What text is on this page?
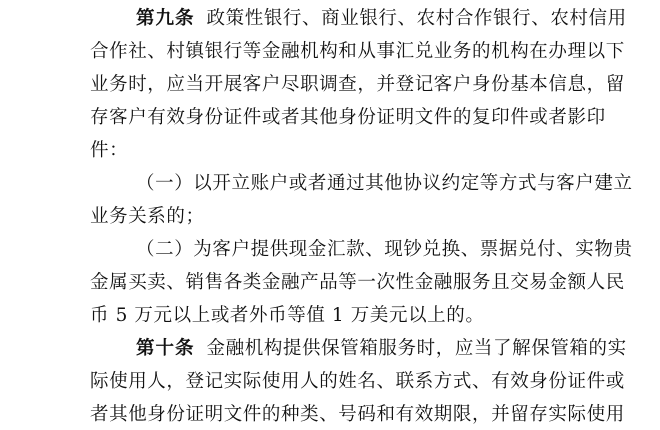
第九条 政策性银行、商业银行、农村合作银行、农村信用
合作社、村镇银行等金融机构和从事汇兑业务的机构在办理以下
业务时，应当开展客户尽职调查，并登记客户身份基本信息，留
存客户有效身份证件或者其他身份证明文件的复印件或者影印
件：
（一）以开立账户或者通过其他协议约定等方式与客户建立
业务关系的；
（二）为客户提供现金汇款、现钞兑换、票据兑付、实物贵
金属买卖、销售各类金融产品等一次性金融服务且交易金额人民
币 5 万元以上或者外币等值 1 万美元以上的。
第十条 金融机构提供保管箱服务时，应当了解保管箱的实
际使用人，登记实际使用人的姓名、联系方式、有效身份证件或
者其他身份证明文件的种类、号码和有效期限，并留存实际使用
